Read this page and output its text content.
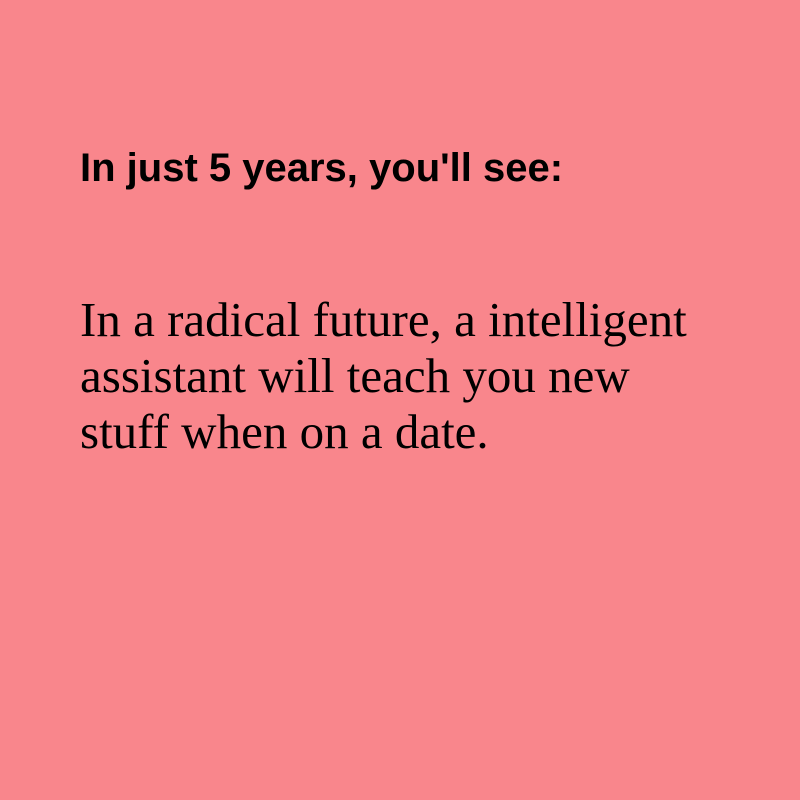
In just 5 years, you'll see:

In a radical future, a intelligent assistant will teach you new stuff when on a date.
